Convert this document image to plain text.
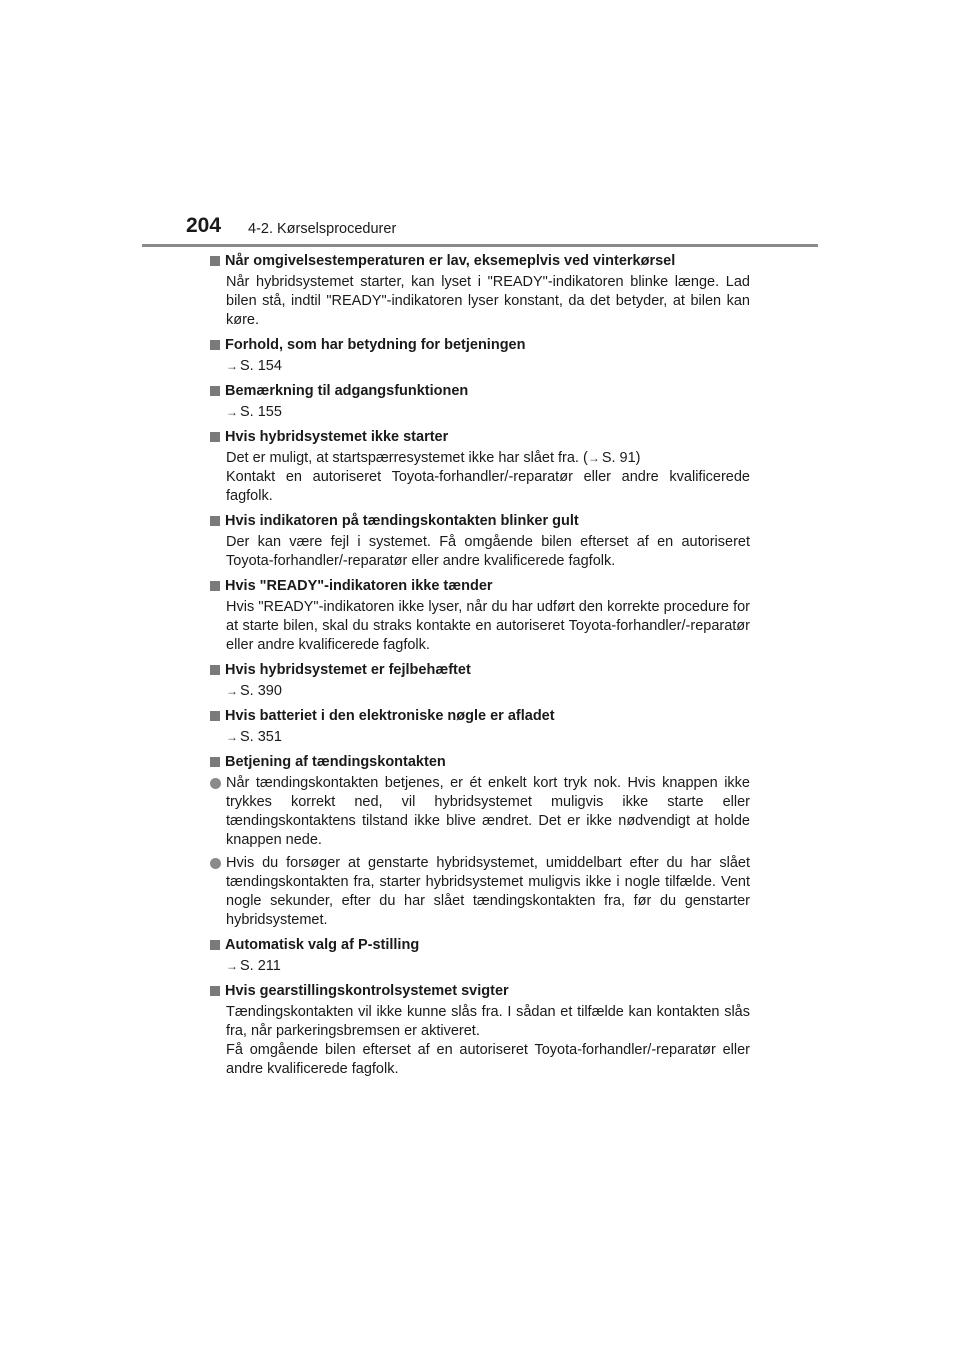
204 4-2. Kørselsprocedurer
Når omgivelsestemperaturen er lav, eksemeplvis ved vinterkørsel

Når hybridsystemet starter, kan lyset i "READY"-indikatoren blinke længe. Lad bilen stå, indtil "READY"-indikatoren lyser konstant, da det betyder, at bilen kan køre.

Forhold, som har betydning for betjeningen
→ S. 154
Bemærkning til adgangsfunktionen
→ S. 155
Hvis hybridsystemet ikke starter

Det er muligt, at startspærresystemet ikke har slået fra. (→ S. 91)

Kontakt en autoriseret Toyota-forhandler/-reparatør eller andre kvalificerede fagfolk.

Hvis indikatoren på tændingskontakten blinker gult

Der kan være fejl i systemet. Få omgående bilen efterset af en autoriseret Toyota-forhandler/-reparatør eller andre kvalificerede fagfolk.

Hvis "READY"-indikatoren ikke tænder

Hvis "READY"-indikatoren ikke lyser, når du har udført den korrekte procedure for at starte bilen, skal du straks kontakte en autoriseret Toyota-forhandler/-reparatør eller andre kvalificerede fagfolk.

Hvis hybridsystemet er fejlbehæftet
→ S. 390
Hvis batteriet i den elektroniske nøgle er afladet
→ S. 351
Betjening af tændingskontakten
Når tændingskontakten betjenes, er ét enkelt kort tryk nok. Hvis knappen ikke trykkes korrekt ned, vil hybridsystemet muligvis ikke starte eller tændingskontaktens tilstand ikke blive ændret. Det er ikke nødvendigt at holde knappen nede.
Hvis du forsøger at genstarte hybridsystemet, umiddelbart efter du har slået tændingskontakten fra, starter hybridsystemet muligvis ikke i nogle tilfælde. Vent nogle sekunder, efter du har slået tændingskontakten fra, før du genstarter hybridsystemet.
Automatisk valg af P-stilling
→ S. 211
Hvis gearstillingskontrolsystemet svigter

Tændingskontakten vil ikke kunne slås fra. I sådan et tilfælde kan kontakten slås fra, når parkeringsbremsen er aktiveret.

Få omgående bilen efterset af en autoriseret Toyota-forhandler/-reparatør eller andre kvalificerede fagfolk.
